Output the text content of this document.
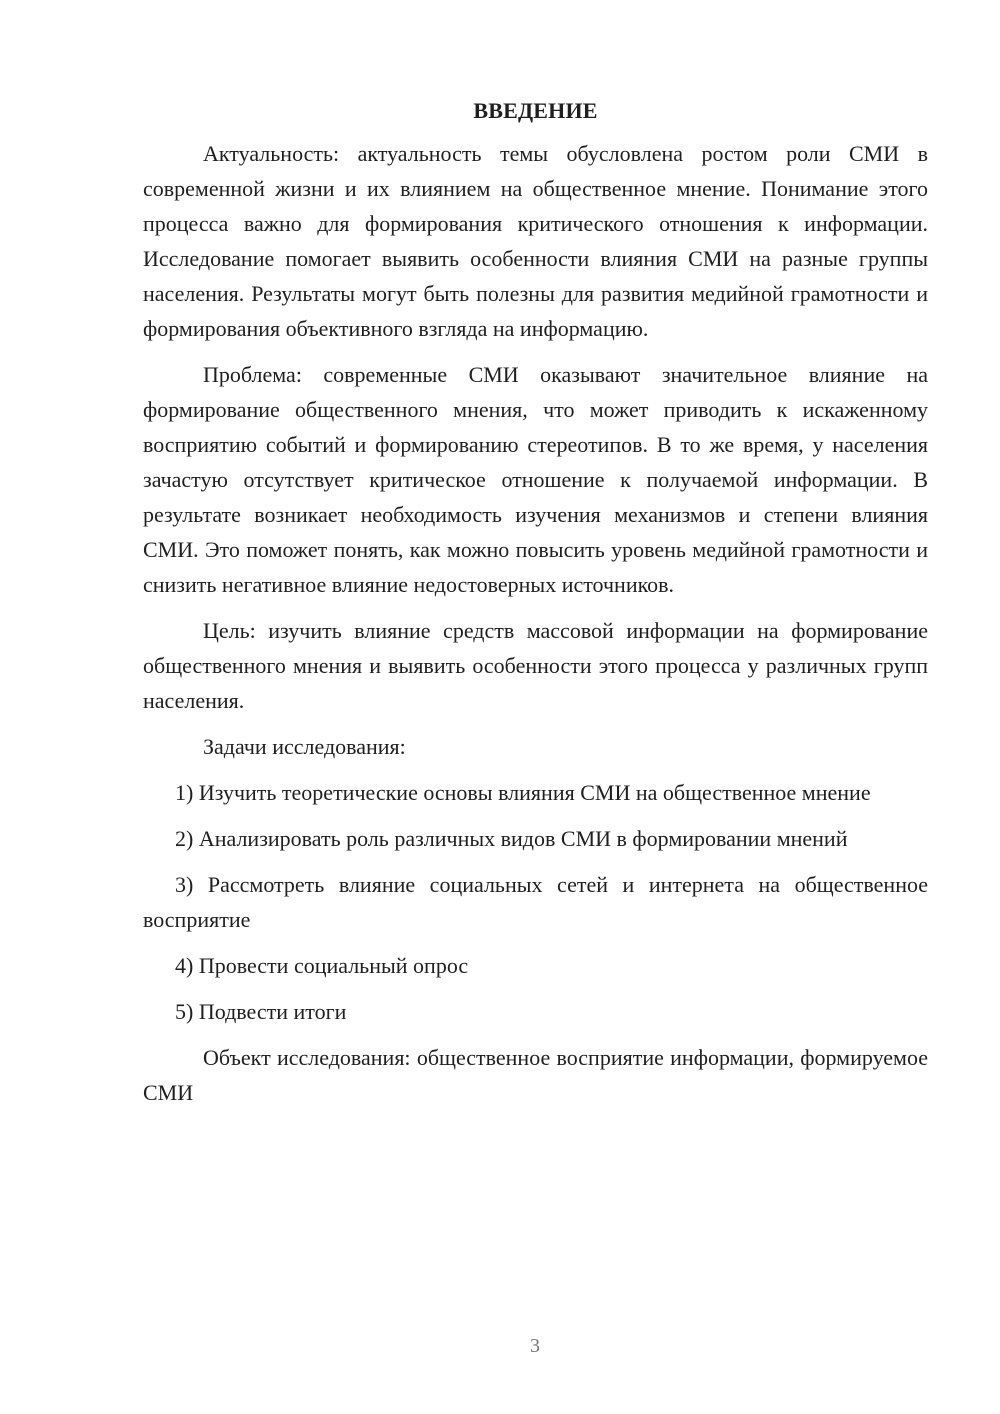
ВВЕДЕНИЕ

Актуальность: актуальность темы обусловлена ростом роли СМИ в современной жизни и их влиянием на общественное мнение. Понимание этого процесса важно для формирования критического отношения к информации. Исследование помогает выявить особенности влияния СМИ на разные группы населения. Результаты могут быть полезны для развития медийной грамотности и формирования объективного взгляда на информацию.

Проблема: современные СМИ оказывают значительное влияние на формирование общественного мнения, что может приводить к искаженному восприятию событий и формированию стереотипов. В то же время, у населения зачастую отсутствует критическое отношение к получаемой информации. В результате возникает необходимость изучения механизмов и степени влияния СМИ. Это поможет понять, как можно повысить уровень медийной грамотности и снизить негативное влияние недостоверных источников.

Цель: изучить влияние средств массовой информации на формирование общественного мнения и выявить особенности этого процесса у различных групп населения.

Задачи исследования:

1) Изучить теоретические основы влияния СМИ на общественное мнение

2) Анализировать роль различных видов СМИ в формировании мнений

3) Рассмотреть влияние социальных сетей и интернета на общественное восприятие

4) Провести социальный опрос

5) Подвести итоги

Объект исследования: общественное восприятие информации, формируемое СМИ

3
